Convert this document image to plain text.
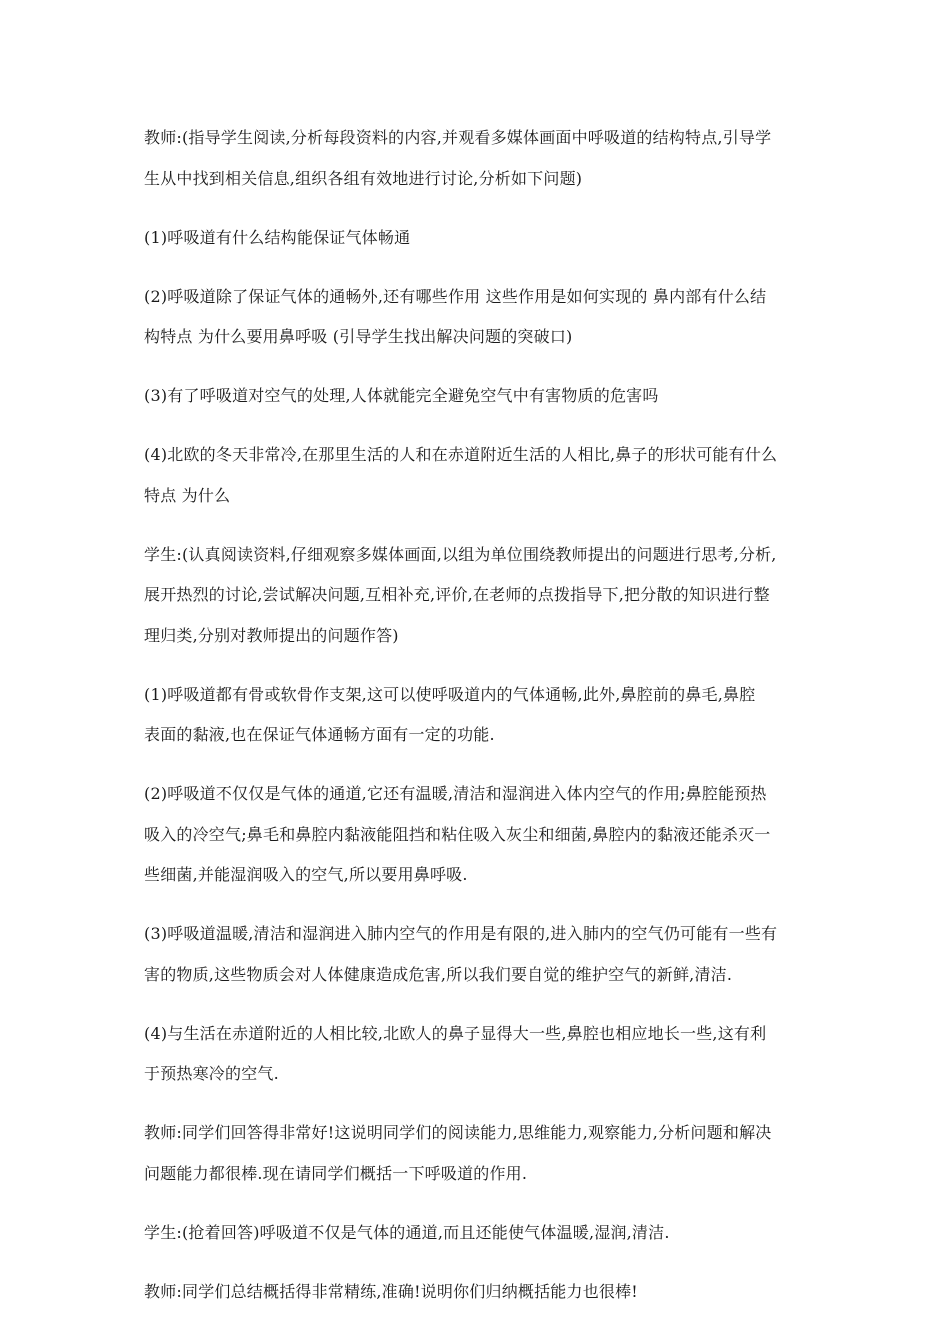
教师:(指导学生阅读,分析每段资料的内容,并观看多媒体画面中呼吸道的结构特点,引导学
生从中找到相关信息,组织各组有效地进行讨论,分析如下问题)

(1)呼吸道有什么结构能保证气体畅通

(2)呼吸道除了保证气体的通畅外,还有哪些作用 这些作用是如何实现的 鼻内部有什么结
构特点 为什么要用鼻呼吸 (引导学生找出解决问题的突破口)

(3)有了呼吸道对空气的处理,人体就能完全避免空气中有害物质的危害吗

(4)北欧的冬天非常冷,在那里生活的人和在赤道附近生活的人相比,鼻子的形状可能有什么
特点 为什么

学生:(认真阅读资料,仔细观察多媒体画面,以组为单位围绕教师提出的问题进行思考,分析,
展开热烈的讨论,尝试解决问题,互相补充,评价,在老师的点拨指导下,把分散的知识进行整
理归类,分别对教师提出的问题作答)

(1)呼吸道都有骨或软骨作支架,这可以使呼吸道内的气体通畅,此外,鼻腔前的鼻毛,鼻腔
表面的黏液,也在保证气体通畅方面有一定的功能.

(2)呼吸道不仅仅是气体的通道,它还有温暖,清洁和湿润进入体内空气的作用;鼻腔能预热
吸入的冷空气;鼻毛和鼻腔内黏液能阻挡和粘住吸入灰尘和细菌,鼻腔内的黏液还能杀灭一
些细菌,并能湿润吸入的空气,所以要用鼻呼吸.

(3)呼吸道温暖,清洁和湿润进入肺内空气的作用是有限的,进入肺内的空气仍可能有一些有
害的物质,这些物质会对人体健康造成危害,所以我们要自觉的维护空气的新鲜,清洁.

(4)与生活在赤道附近的人相比较,北欧人的鼻子显得大一些,鼻腔也相应地长一些,这有利
于预热寒冷的空气.

教师:同学们回答得非常好!这说明同学们的阅读能力,思维能力,观察能力,分析问题和解决
问题能力都很棒.现在请同学们概括一下呼吸道的作用.

学生:(抢着回答)呼吸道不仅是气体的通道,而且还能使气体温暖,湿润,清洁.

教师:同学们总结概括得非常精练,准确!说明你们归纳概括能力也很棒!
